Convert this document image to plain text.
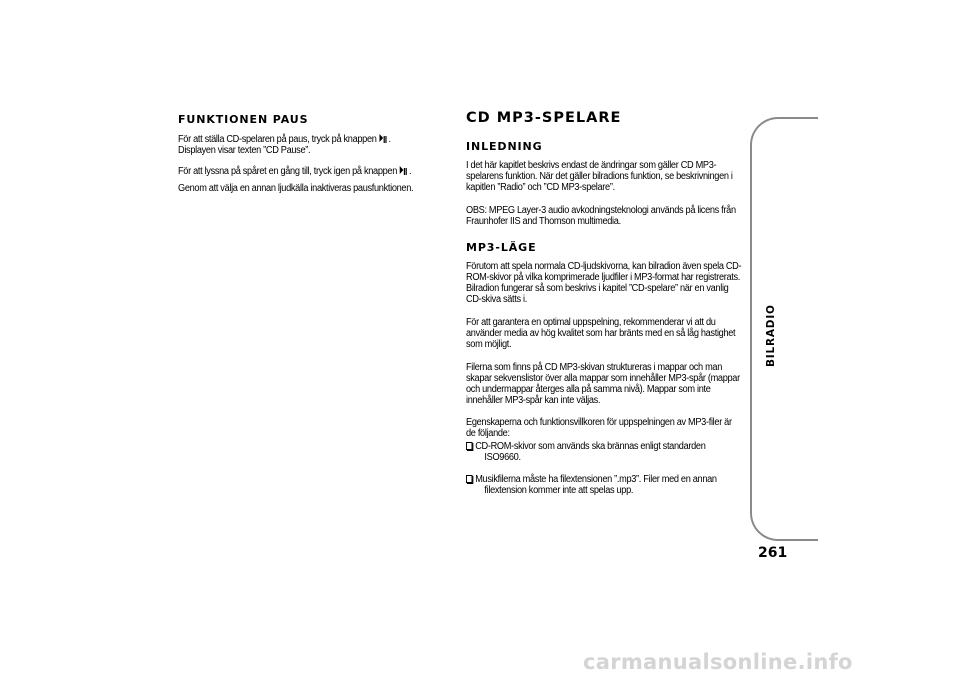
FUNKTIONEN PAUS

För att ställa CD-spelaren på paus, tryck på knappen .
Displayen visar texten ”CD Pause”.

För att lyssna på spåret en gång till, tryck igen på knappen .

Genom att välja en annan ljudkälla inaktiveras pausfunktionen.

CD MP3-SPELARE
INLEDNING

I det här kapitlet beskrivs endast de ändringar som gäller CD MP3-spelarens funktion. När det gäller bilradions funktion, se beskrivningen i kapitlen ”Radio” och ”CD MP3-spelare”.

OBS: MPEG Layer-3 audio avkodningsteknologi används på licens från Fraunhofer IIS and Thomson multimedia.

MP3-LÄGE

Förutom att spela normala CD-ljudskivorna, kan bilradion även spela CD-ROM-skivor på vilka komprimerade ljudfiler i MP3-format har registrerats. Bilradion fungerar så som beskrivs i kapitel ”CD-spelare” när en vanlig CD-skiva sätts i.

För att garantera en optimal uppspelning, rekommenderar vi att du använder media av hög kvalitet som har bränts med en så låg hastighet som möjligt.

Filerna som finns på CD MP3-skivan struktureras i mappar och man skapar sekvenslistor över alla mappar som innehåller MP3-spår (mappar och undermappar återges alla på samma nivå). Mappar som inte innehåller MP3-spår kan inte väljas.

Egenskaperna och funktionsvillkoren för uppspelningen av MP3-filer är de följande:

CD-ROM-skivor som används ska brännas enligt standarden

ISO9660.
Musikfilerna måste ha filextensionen ”.mp3”. Filer med en annan

filextension kommer inte att spelas upp.
BILRADIO
261
carmanualsonline.info
